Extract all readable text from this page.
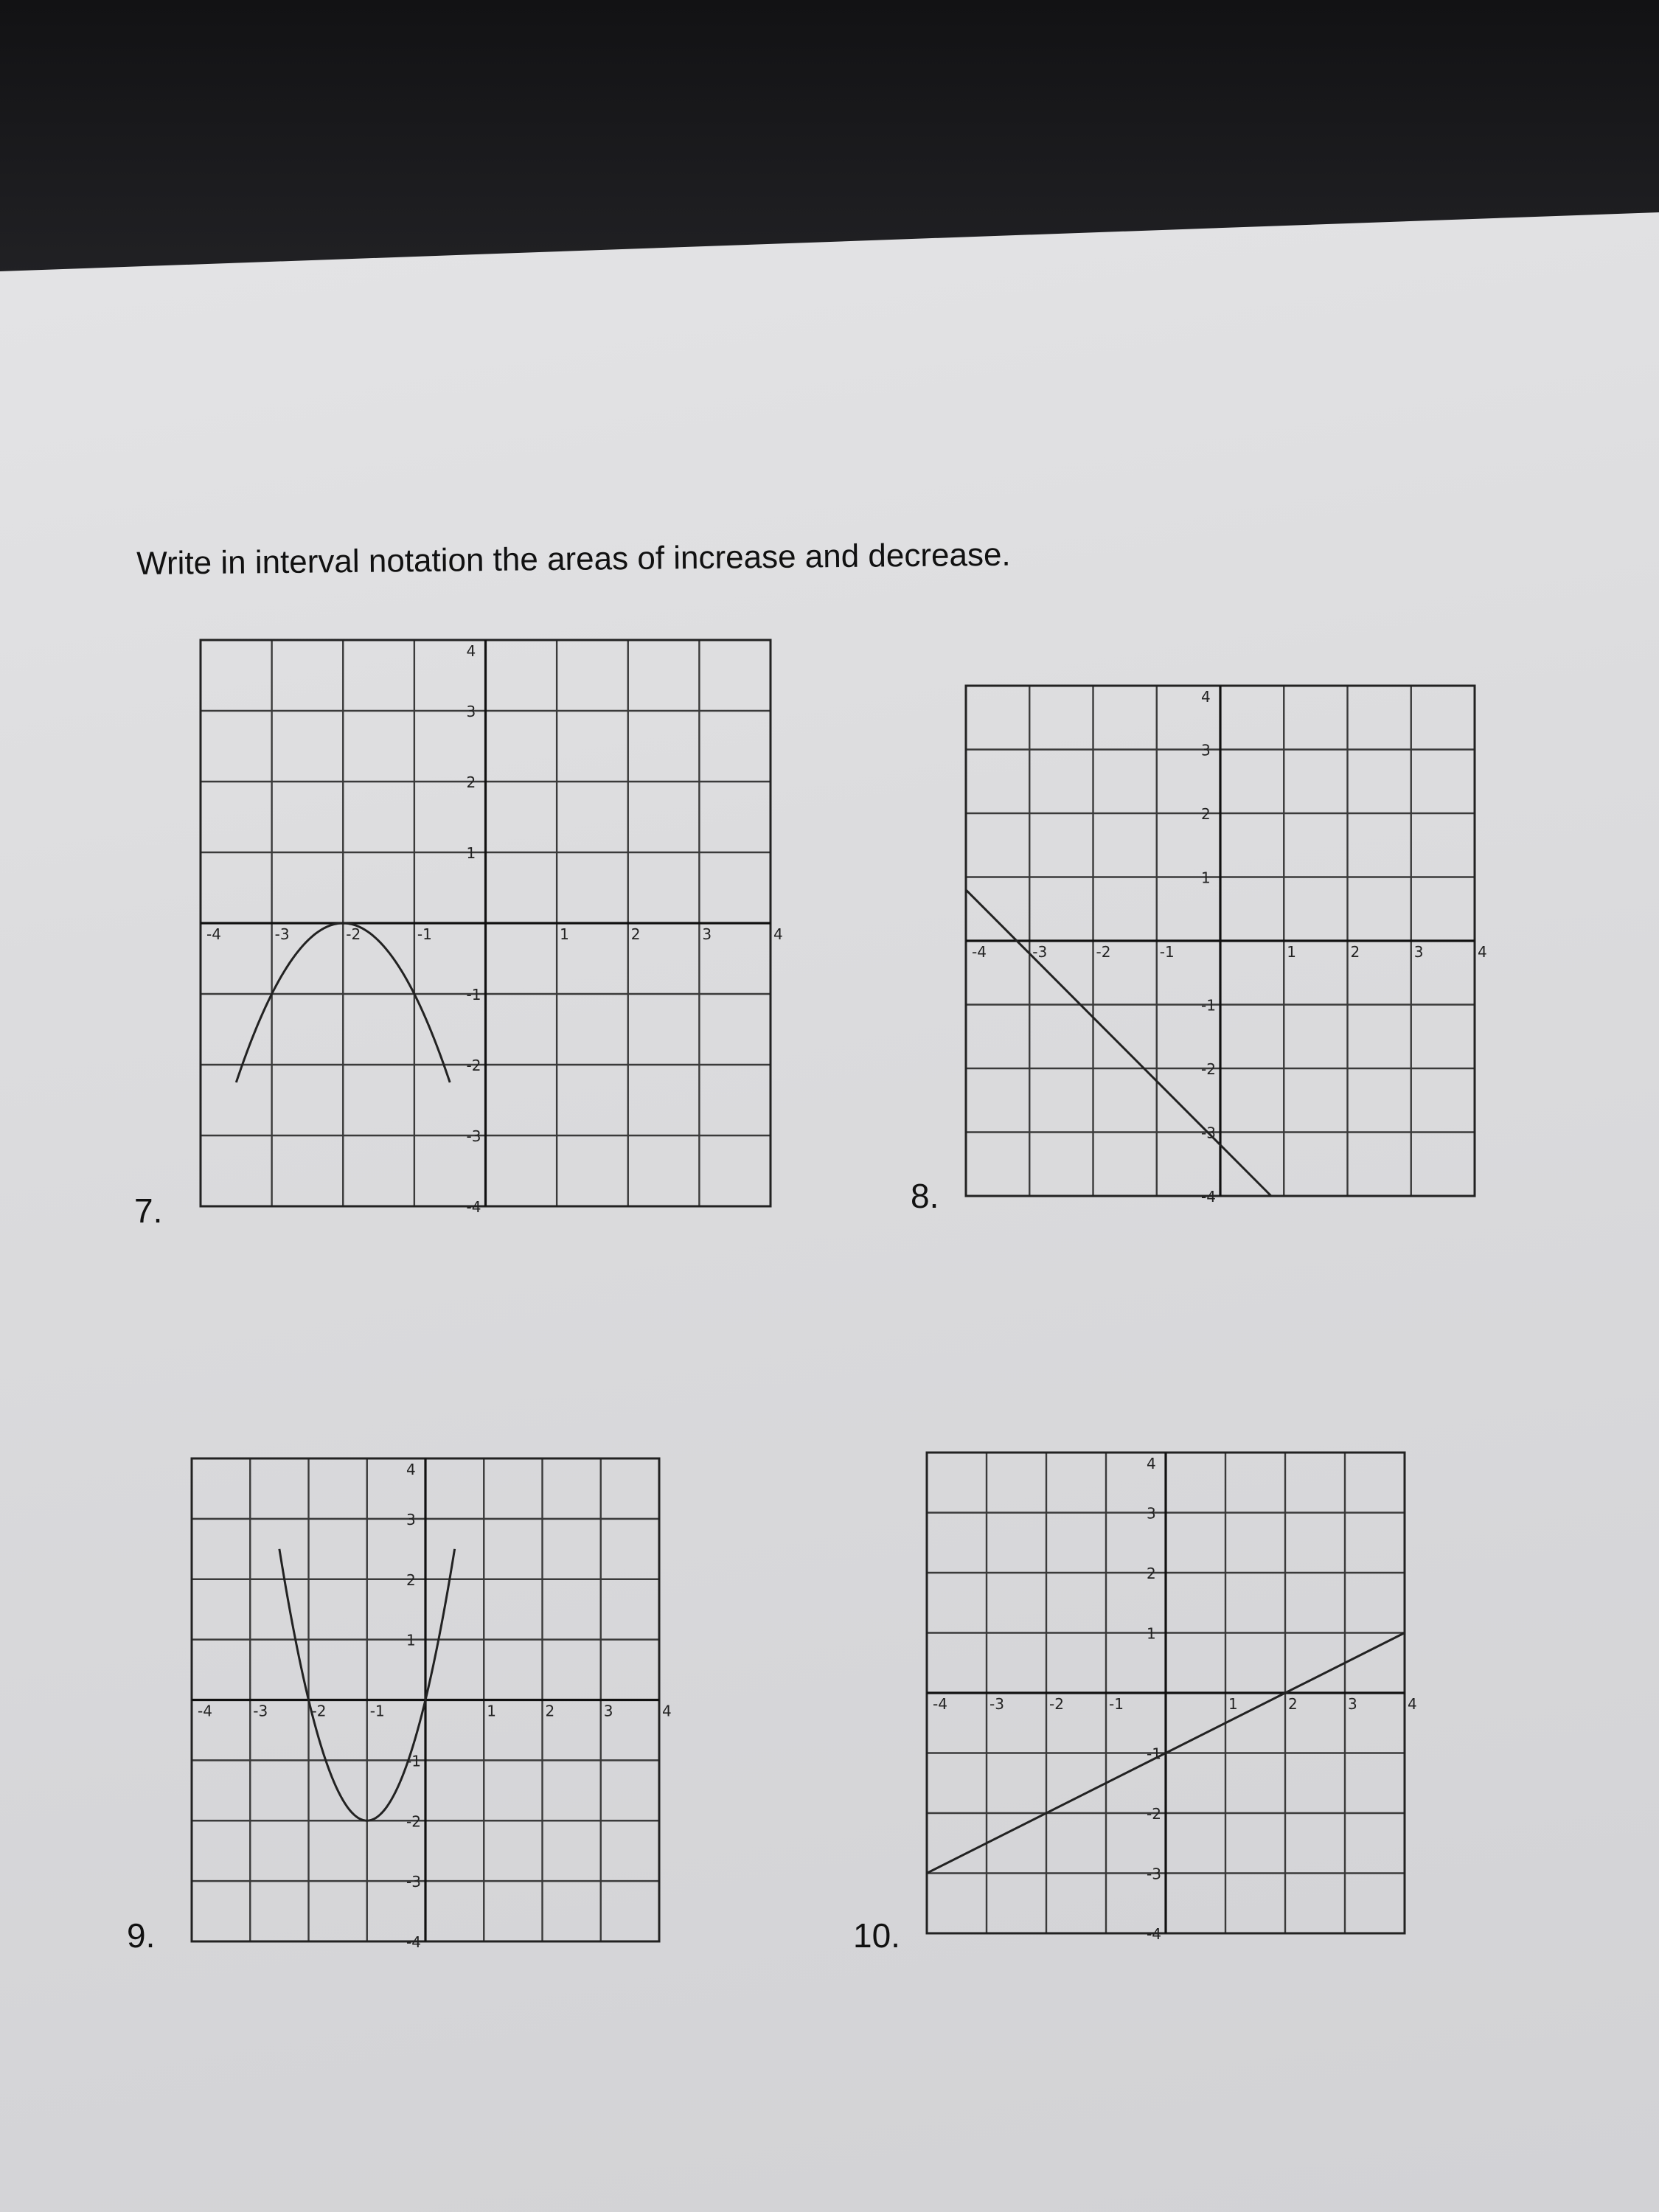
Write in interval notation the areas of increase and decrease.

7.	8.
9.	10.
-4	-3	-2	-1	1	2	3	4
4
3
2
1
-1
-2
-3
-4
-4	-3	-2	-1	1	2	3	4
4
3
2
1
-1
-2
-3
-4
-4	-3	-2	-1	1	2	3	4
4
3
2
1
-1
-2
-3
-4
-4	-3	-2	-1	1	2	3	4
4
3
2
1
-1
-2
-3
-4
